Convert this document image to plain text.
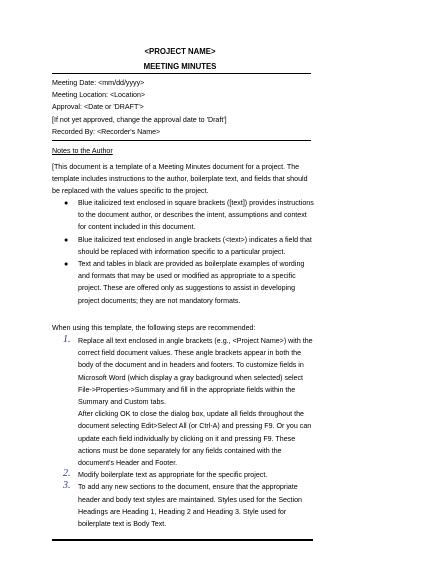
<PROJECT NAME>
MEETING MINUTES
Meeting Date: <mm/dd/yyyy>
Meeting Location: <Location>
Approval: <Date or 'DRAFT'>
[If not yet approved, change the approval date to 'Draft']
Recorded By: <Recorder's Name>
Notes to the Author
[This document is a template of a Meeting Minutes document for a project. The template includes instructions to the author, boilerplate text, and fields that should be replaced with the values specific to the project.
● Blue italicized text enclosed in square brackets ([text]) provides instructions to the document author, or describes the intent, assumptions and context for content included in this document.
● Blue italicized text enclosed in angle brackets (<text>) indicates a field that should be replaced with information specific to a particular project.
● Text and tables in black are provided as boilerplate examples of wording and formats that may be used or modified as appropriate to a specific project. These are offered only as suggestions to assist in developing project documents; they are not mandatory formats.
When using this template, the following steps are recommended:
1. Replace all text enclosed in angle brackets (e.g., <Project Name>) with the correct field document values. These angle brackets appear in both the body of the document and in headers and footers. To customize fields in Microsoft Word (which display a gray background when selected) select File->Properties->Summary and fill in the appropriate fields within the Summary and Custom tabs.
After clicking OK to close the dialog box, update all fields throughout the document selecting Edit>Select All (or Ctrl-A) and pressing F9. Or you can update each field individually by clicking on it and pressing F9. These actions must be done separately for any fields contained with the document's Header and Footer.
2. Modify boilerplate text as appropriate for the specific project.
3. To add any new sections to the document, ensure that the appropriate header and body text styles are maintained. Styles used for the Section Headings are Heading 1, Heading 2 and Heading 3. Style used for boilerplate text is Body Text.
